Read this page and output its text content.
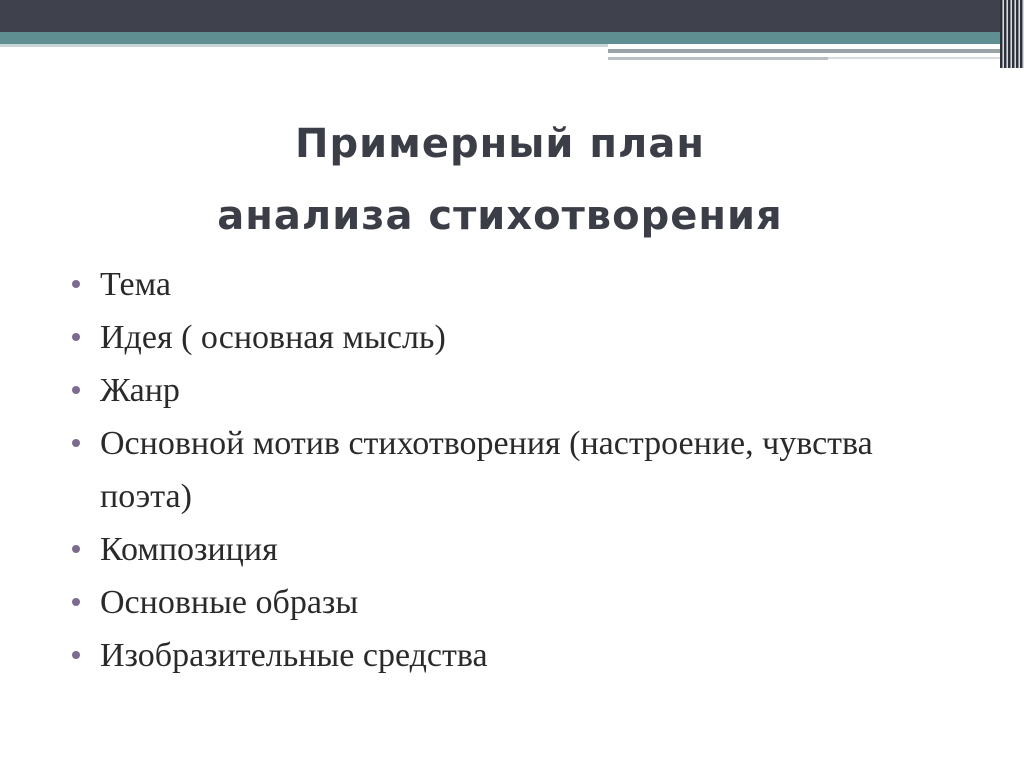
Примерный план
анализа стихотворения
Тема
Идея ( основная мысль)
Жанр
Основной мотив стихотворения (настроение, чувства поэта)
Композиция
Основные образы
Изобразительные средства
